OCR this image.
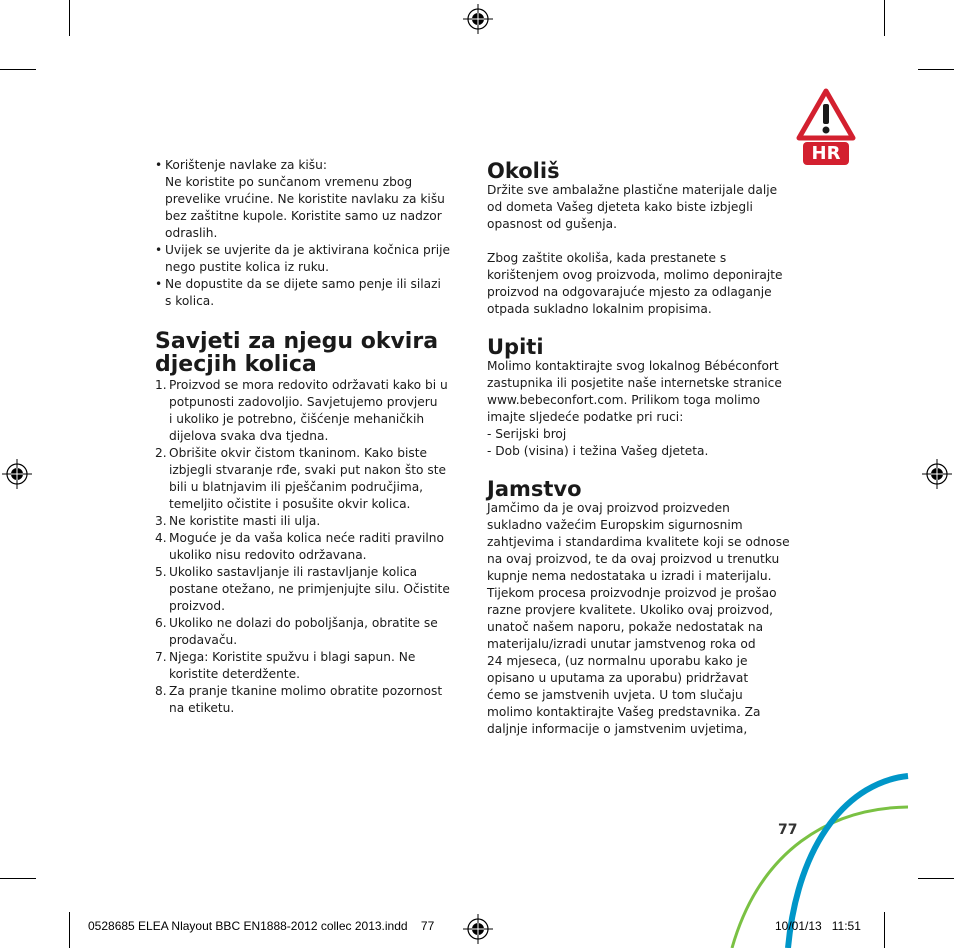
HR
• Korištenje navlake za kišu:
Ne koristite po sunčanom vremenu zbog
prevelike vrućine. Ne koristite navlaku za kišu
bez zaštitne kupole. Koristite samo uz nadzor
odraslih.
• Uvijek se uvjerite da je aktivirana kočnica prije
nego pustite kolica iz ruku.
• Ne dopustite da se dijete samo penje ili silazi
s kolica.
Savjeti za njegu okvira
djecjih kolica
1. Proizvod se mora redovito održavati kako bi u
potpunosti zadovoljio. Savjetujemo provjeru
i ukoliko je potrebno, čišćenje mehaničkih
dijelova svaka dva tjedna.
2. Obrišite okvir čistom tkaninom. Kako biste
izbjegli stvaranje rđe, svaki put nakon što ste
bili u blatnjavim ili pješčanim područjima,
temeljito očistite i posušite okvir kolica.
3. Ne koristite masti ili ulja.
4. Moguće je da vaša kolica neće raditi pravilno
ukoliko nisu redovito održavana.
5. Ukoliko sastavljanje ili rastavljanje kolica
postane otežano, ne primjenjujte silu. Očistite
proizvod.
6. Ukoliko ne dolazi do poboljšanja, obratite se
prodavaču.
7. Njega: Koristite spužvu i blagi sapun. Ne
koristite deterdžente.
8. Za pranje tkanine molimo obratite pozornost
na etiketu.
Okoliš
Držite sve ambalažne plastične materijale dalje
od dometa Vašeg djeteta kako biste izbjegli
opasnost od gušenja.
Zbog zaštite okoliša, kada prestanete s
korištenjem ovog proizvoda, molimo deponirajte
proizvod na odgovarajuće mjesto za odlaganje
otpada sukladno lokalnim propisima.
Upiti
Molimo kontaktirajte svog lokalnog Bébéconfort
zastupnika ili posjetite naše internetske stranice
www.bebeconfort.com. Prilikom toga molimo
imajte sljedeće podatke pri ruci:
- Serijski broj
- Dob (visina) i težina Vašeg djeteta.
Jamstvo
Jamčimo da je ovaj proizvod proizveden
sukladno važećim Europskim sigurnosnim
zahtjevima i standardima kvalitete koji se odnose
na ovaj proizvod, te da ovaj proizvod u trenutku
kupnje nema nedostataka u izradi i materijalu.
Tijekom procesa proizvodnje proizvod je prošao
razne provjere kvalitete. Ukoliko ovaj proizvod,
unatoč našem naporu, pokaže nedostatak na
materijalu/izradi unutar jamstvenog roka od
24 mjeseca, (uz normalnu uporabu kako je
opisano u uputama za uporabu) pridržavat
ćemo se jamstvenih uvjeta. U tom slučaju
molimo kontaktirajte Vašeg predstavnika. Za
daljnje informacije o jamstvenim uvjetima,
77
0528685 ELEA Nlayout BBC EN1888-2012 collec 2013.indd 77	10/01/13 11:51
